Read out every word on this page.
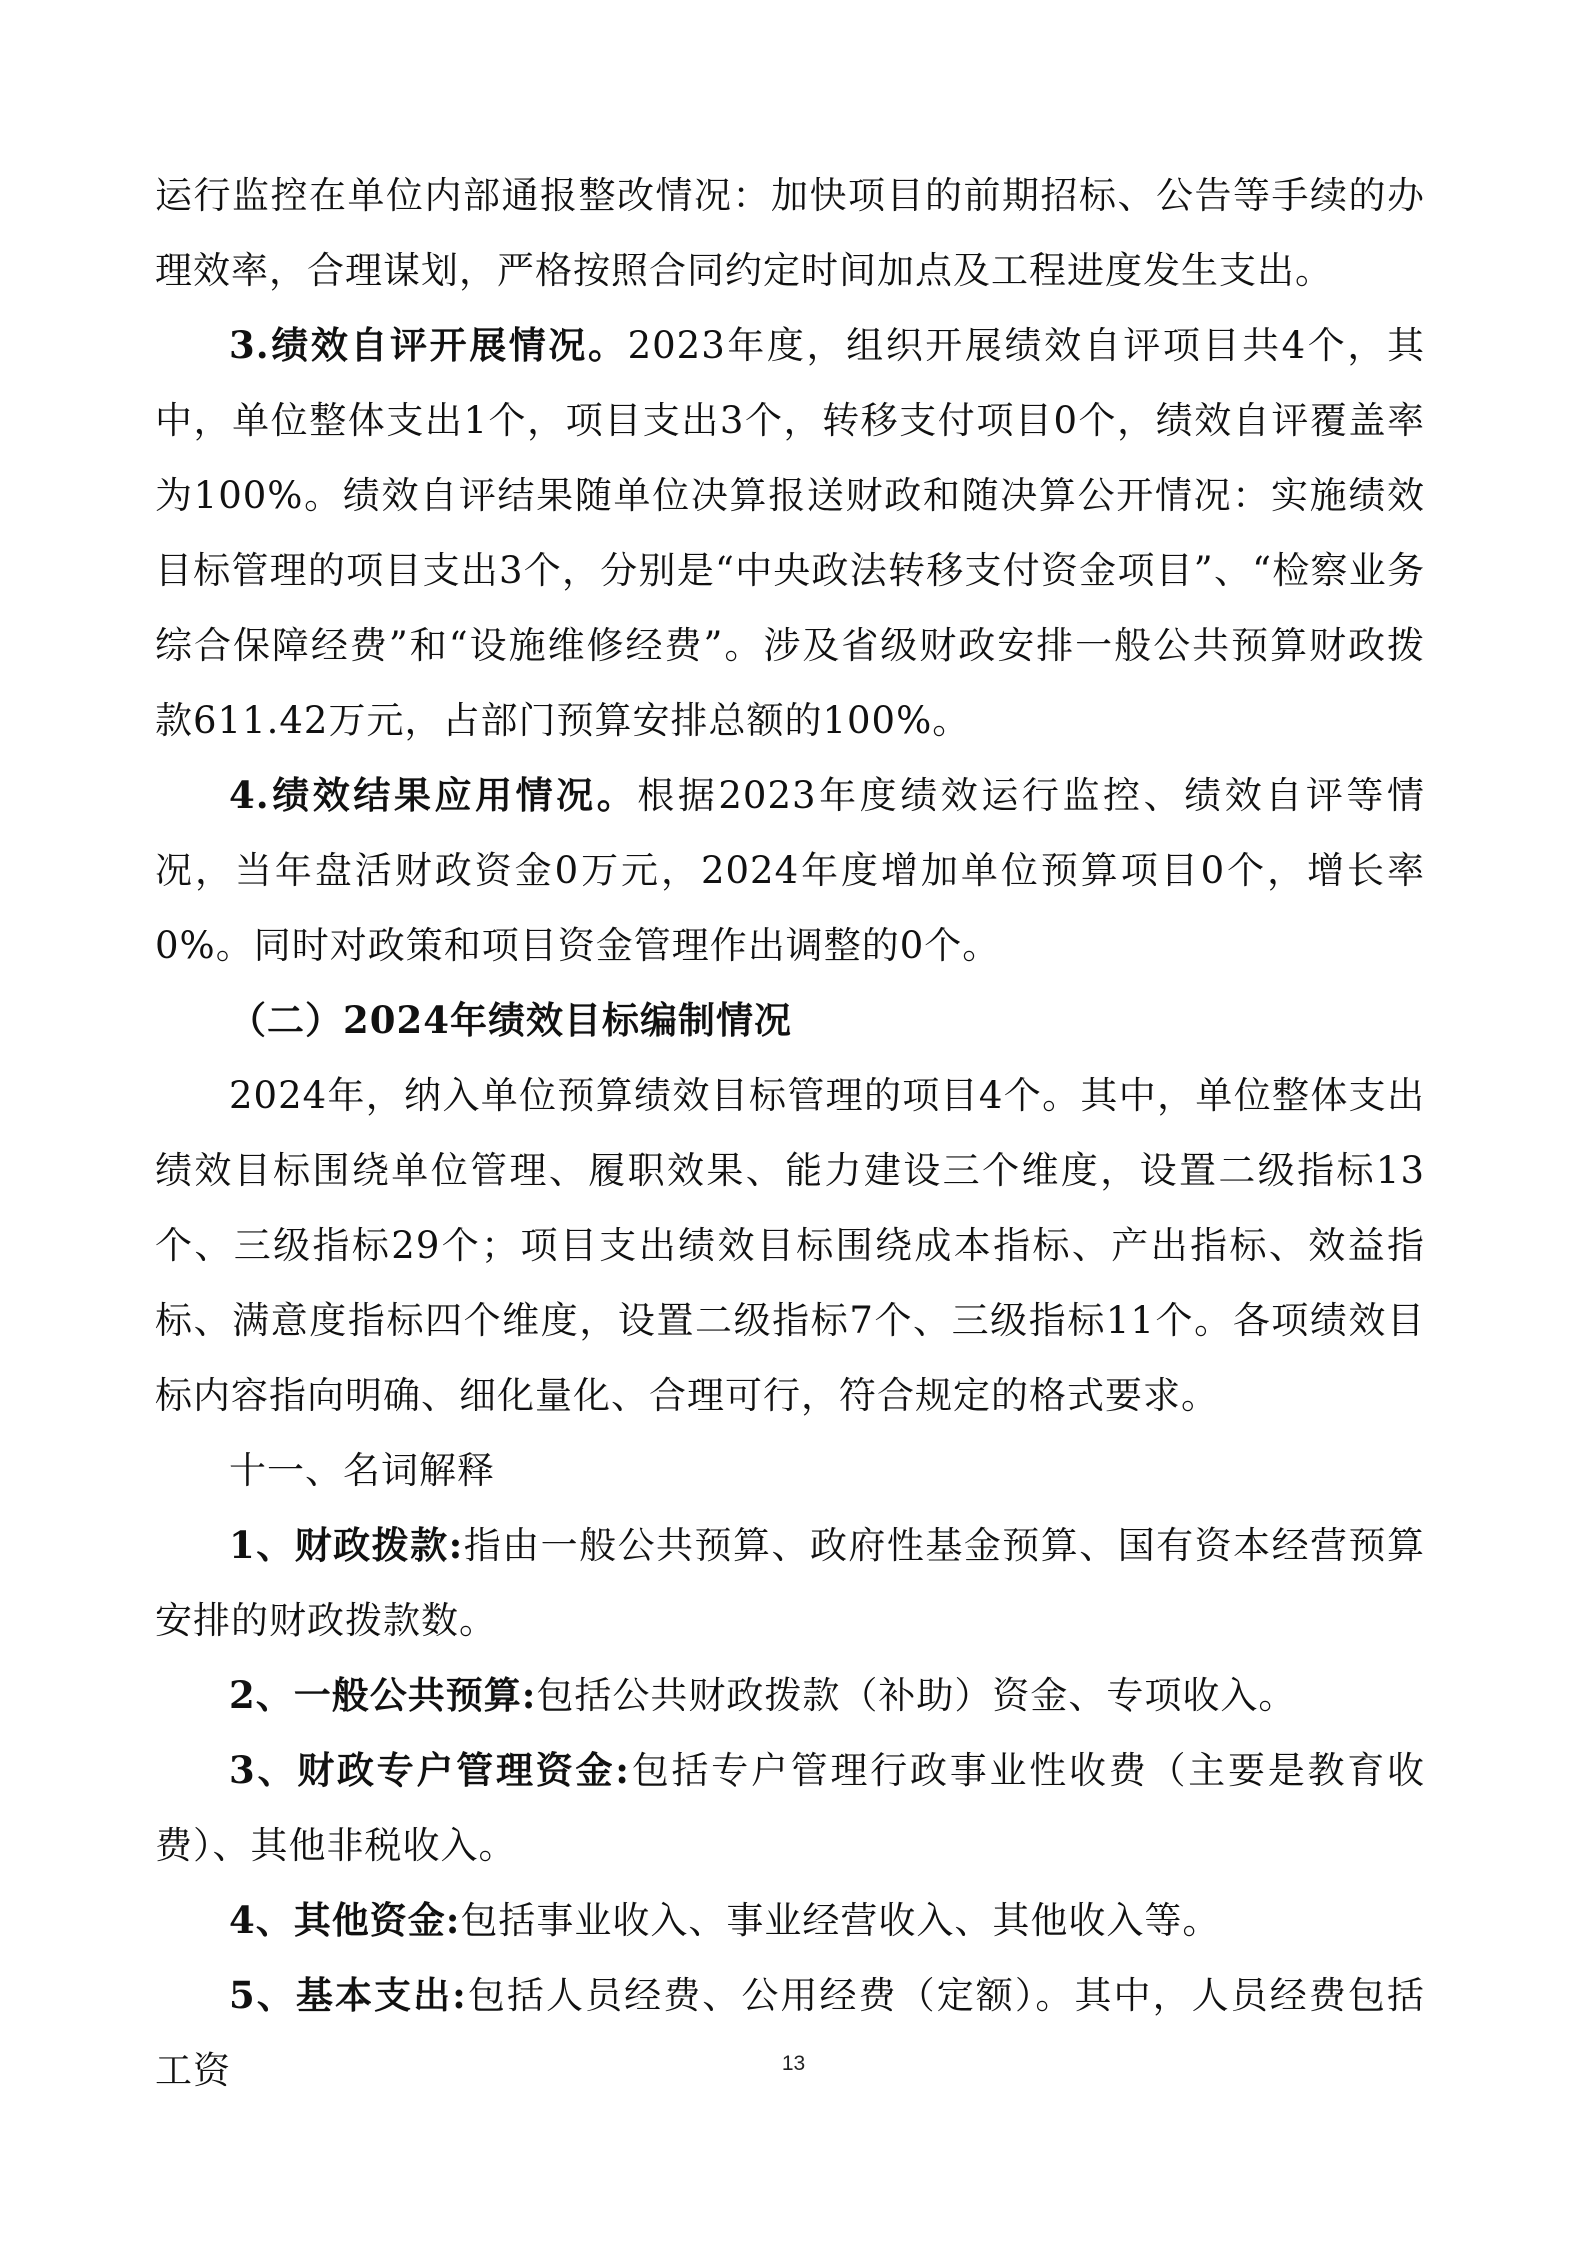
运行监控在单位内部通报整改情况：加快项目的前期招标、公告等手续的办理效率，合理谋划，严格按照合同约定时间加点及工程进度发生支出。

3.绩效自评开展情况。2023年度，组织开展绩效自评项目共4个，其中，单位整体支出1个，项目支出3个，转移支付项目0个，绩效自评覆盖率为100%。绩效自评结果随单位决算报送财政和随决算公开情况：实施绩效目标管理的项目支出3个，分别是“中央政法转移支付资金项目”、“检察业务综合保障经费”和“设施维修经费”。涉及省级财政安排一般公共预算财政拨款611.42万元，占部门预算安排总额的100%。

4.绩效结果应用情况。根据2023年度绩效运行监控、绩效自评等情况，当年盘活财政资金0万元，2024年度增加单位预算项目0个，增长率0%。同时对政策和项目资金管理作出调整的0个。

（二）2024年绩效目标编制情况

2024年，纳入单位预算绩效目标管理的项目4个。其中，单位整体支出绩效目标围绕单位管理、履职效果、能力建设三个维度，设置二级指标13个、三级指标29个；项目支出绩效目标围绕成本指标、产出指标、效益指标、满意度指标四个维度，设置二级指标7个、三级指标11个。各项绩效目标内容指向明确、细化量化、合理可行，符合规定的格式要求。

十一、名词解释

1、财政拨款:指由一般公共预算、政府性基金预算、国有资本经营预算安排的财政拨款数。

2、一般公共预算:包括公共财政拨款（补助）资金、专项收入。

3、财政专户管理资金:包括专户管理行政事业性收费（主要是教育收费）、其他非税收入。

4、其他资金:包括事业收入、事业经营收入、其他收入等。

5、基本支出:包括人员经费、公用经费（定额）。其中，人员经费包括工资	13
